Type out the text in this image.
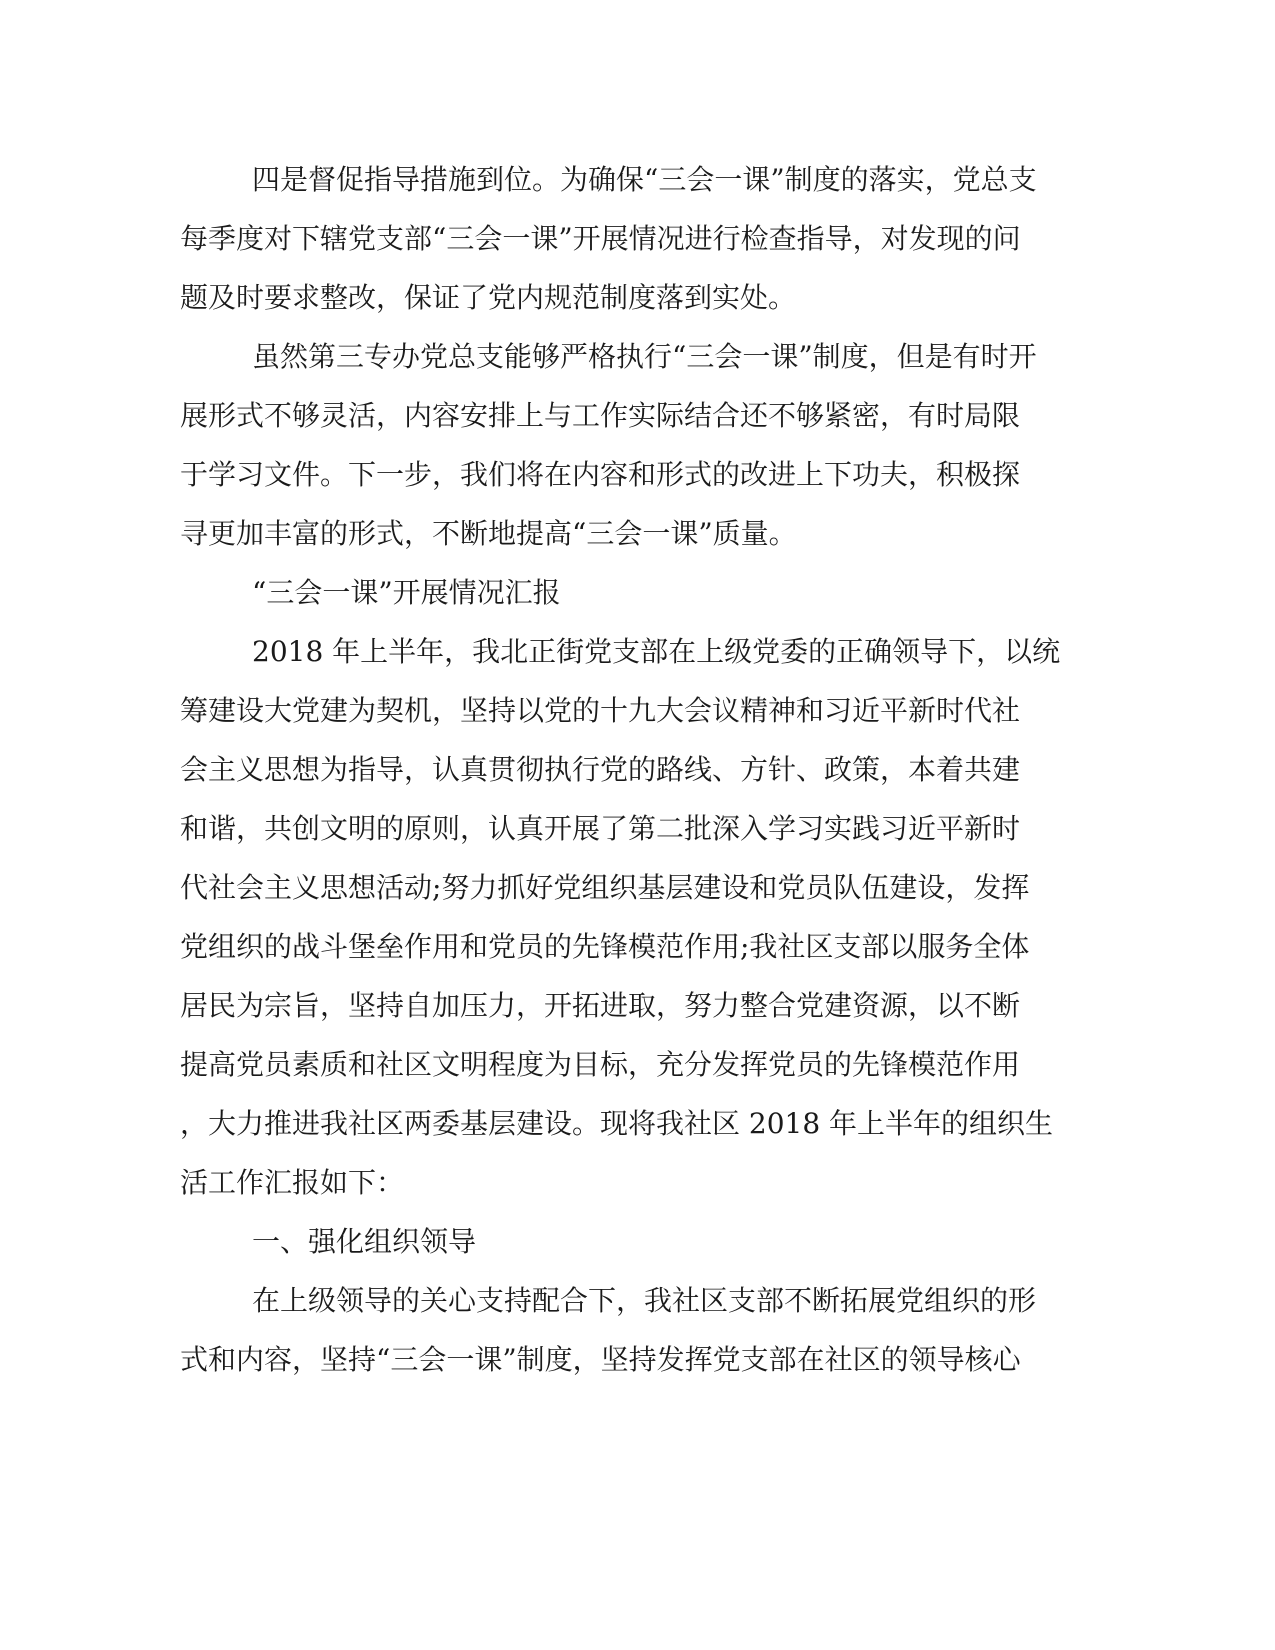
四是督促指导措施到位。为确保“三会一课”制度的落实，党总支
每季度对下辖党支部“三会一课”开展情况进行检查指导，对发现的问
题及时要求整改，保证了党内规范制度落到实处。
虽然第三专办党总支能够严格执行“三会一课”制度，但是有时开
展形式不够灵活，内容安排上与工作实际结合还不够紧密，有时局限
于学习文件。下一步，我们将在内容和形式的改进上下功夫，积极探
寻更加丰富的形式，不断地提高“三会一课”质量。
“三会一课”开展情况汇报
2018 年上半年，我北正街党支部在上级党委的正确领导下，以统
筹建设大党建为契机，坚持以党的十九大会议精神和习近平新时代社
会主义思想为指导，认真贯彻执行党的路线、方针、政策，本着共建
和谐，共创文明的原则，认真开展了第二批深入学习实践习近平新时
代社会主义思想活动;努力抓好党组织基层建设和党员队伍建设，发挥
党组织的战斗堡垒作用和党员的先锋模范作用;我社区支部以服务全体
居民为宗旨，坚持自加压力，开拓进取，努力整合党建资源，以不断
提高党员素质和社区文明程度为目标，充分发挥党员的先锋模范作用
，大力推进我社区两委基层建设。现将我社区 2018 年上半年的组织生
活工作汇报如下：
一、强化组织领导
在上级领导的关心支持配合下，我社区支部不断拓展党组织的形
式和内容，坚持“三会一课”制度，坚持发挥党支部在社区的领导核心
